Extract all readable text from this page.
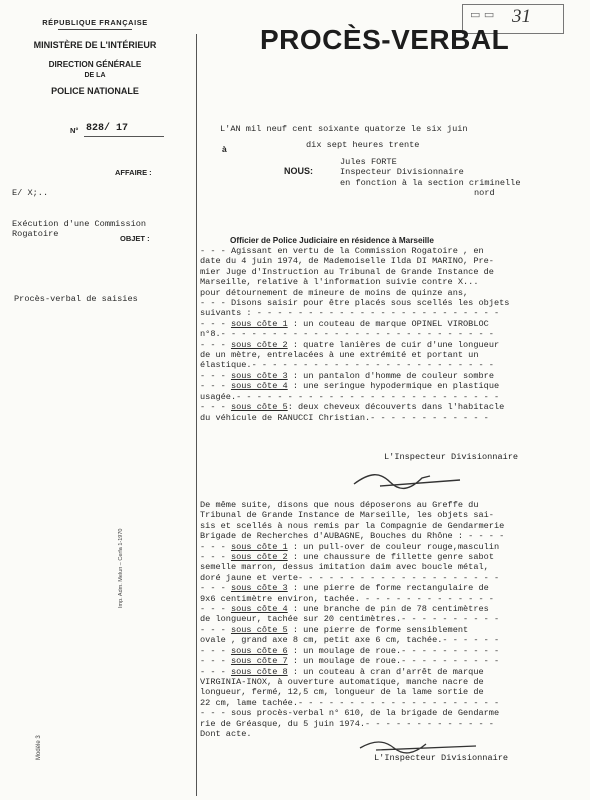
▭ ▭ 31
RÉPUBLIQUE FRANÇAISE
MINISTÈRE DE L'INTÉRIEUR
DIRECTION GÉNÉRALE
DE LA
POLICE NATIONALE
N° 828/ 17
AFFAIRE :
E/ X;..
Exécution d'une Commission
Rogatoire	OBJET :
Procès-verbal de saisies
Imp. Adm. Melun – Cerfa 1-1970
Modèle 3
PROCÈS-VERBAL
L'AN mil neuf cent soixante quatorze le six juin
à	dix sept heures trente
NOUS:
Jules FORTE
Inspecteur Divisionnaire
en fonction à la section criminelle
nord
Officier de Police Judiciaire en résidence à Marseille
- - - Agissant en vertu de la Commission Rogatoire , en
date du 4 juin 1974, de Mademoiselle Ilda DI MARINO, Pre-
mier Juge d'Instruction au Tribunal de Grande Instance de
Marseille, relative à l'information suivie contre X...
pour détournement de mineure de moins de quinze ans,
- - - Disons saisir pour être placés sous scellés les objets
suivants : - - - - - - - - - - - - - - - - - - - - - - - -
- - - sous côte 1 : un couteau de marque OPINEL VIROBLOC
n°8.- - - - - - - - - - - - - - - - - - - - - - - - - - -
- - - sous côte 2 : quatre lanières de cuir d'une longueur
de un mètre, entrelacées à une extrémité et portant un
élastique.- - - - - - - - - - - - - - - - - - - - - - - -
- - - sous côte 3 : un pantalon d'homme de couleur sombre
- - - sous côte 4 : une seringue hypodermique en plastique
usagée.- - - - - - - - - - - - - - - - - - - - - - - - - -
- - - sous côte 5: deux cheveux découverts dans l'habitacle
du véhicule de RANUCCI Christian.- - - - - - - - - - - -
L'Inspecteur Divisionnaire
De même suite, disons que nous déposerons au Greffe du
Tribunal de Grande Instance de Marseille, les objets sai-
sis et scellés à nous remis par la Compagnie de Gendarmerie
Brigade de Recherches d'AUBAGNE, Bouches du Rhône : - - - -
- - - sous côte 1 : un pull-over de couleur rouge,masculin
- - - sous côte 2 : une chaussure de fillette genre sabot
semelle marron, dessus imitation daim avec boucle métal,
doré jaune et verte- - - - - - - - - - - - - - - - - - - -
- - - sous côte 3 : une pierre de forme rectangulaire de
9x6 centimètre environ, tachée. - - - - - - - - - - - - -
- - - sous côte 4 : une branche de pin de 78 centimètres
de longueur, tachée sur 20 centimètres.- - - - - - - - - -
- - - sous côte 5 : une pierre de forme sensiblement
ovale , grand axe 8 cm, petit axe 6 cm, tachée.- - - - - -
- - - sous côte 6 : un moulage de roue.- - - - - - - - - -
- - - sous côte 7 : un moulage de roue.- - - - - - - - - -
- - - sous côte 8 : un couteau à cran d'arrêt de marque
VIRGINIA-INOX, à ouverture automatique, manche nacre de
longueur, fermé, 12,5 cm, longueur de la lame sortie de
22 cm, lame tachée.- - - - - - - - - - - - - - - - - - - -
- - - sous procès-verbal n° 610, de la brigade de Gendarme
rie de Gréasque, du 5 juin 1974.- - - - - - - - - - - - -
Dont acte.
L'Inspecteur Divisionnaire
